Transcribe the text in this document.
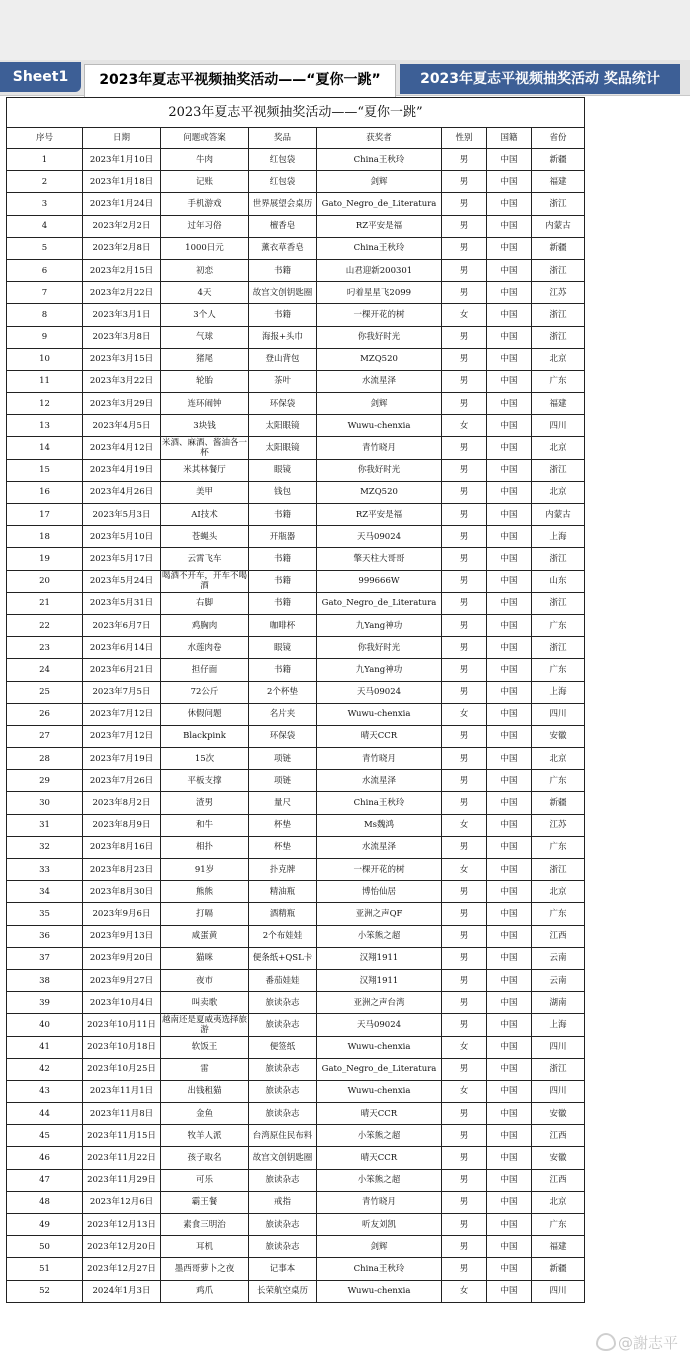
Sheet1	2023年夏志平视频抽奖活动——“夏你一跳”	2023年夏志平视频抽奖活动 奖品统计
2023年夏志平视频抽奖活动——“夏你一跳”							
序号	日期	问题或答案	奖品	获奖者	性别	国籍	省份
1	2023年1月10日	牛肉	红包袋	China王秋玲	男	中国	新疆
2	2023年1月18日	记账	红包袋	剑辉	男	中国	福建
3	2023年1月24日	手机游戏	世界展望会桌历	Gato_Negro_de_Literatura	男	中国	浙江
4	2023年2月2日	过年习俗	檀香皂	RZ平安是福	男	中国	内蒙古
5	2023年2月8日	1000日元	薰衣草香皂	China王秋玲	男	中国	新疆
6	2023年2月15日	初恋	书籍	山君迎新200301	男	中国	浙江
7	2023年2月22日	4天	故宫文创钥匙圈	叼着星星飞2099	男	中国	江苏
8	2023年3月1日	3个人	书籍	一棵开花的树	女	中国	浙江
9	2023年3月8日	气球	海报+头巾	你我好时光	男	中国	浙江
10	2023年3月15日	猪尾	登山背包	MZQ520	男	中国	北京
11	2023年3月22日	轮胎	茶叶	水流星泽	男	中国	广东
12	2023年3月29日	连环闹钟	环保袋	剑辉	男	中国	福建
13	2023年4月5日	3块钱	太阳眼镜	Wuwu-chenxia	女	中国	四川
14	2023年4月12日	米酒、麻酒、酱油各一杯	太阳眼镜	青竹晓月	男	中国	北京
15	2023年4月19日	米其林餐厅	眼镜	你我好时光	男	中国	浙江
16	2023年4月26日	美甲	钱包	MZQ520	男	中国	北京
17	2023年5月3日	AI技术	书籍	RZ平安是福	男	中国	内蒙古
18	2023年5月10日	苍蝇头	开瓶器	天马09024	男	中国	上海
19	2023年5月17日	云霄飞车	书籍	擎天柱大哥哥	男	中国	浙江
20	2023年5月24日	喝酒不开车，开车不喝酒	书籍	999666W	男	中国	山东
21	2023年5月31日	右脚	书籍	Gato_Negro_de_Literatura	男	中国	浙江
22	2023年6月7日	鸡胸肉	咖啡杯	九Yang神功	男	中国	广东
23	2023年6月14日	水莲肉卷	眼镜	你我好时光	男	中国	浙江
24	2023年6月21日	担仔面	书籍	九Yang神功	男	中国	广东
25	2023年7月5日	72公斤	2个杯垫	天马09024	男	中国	上海
26	2023年7月12日	休假问题	名片夹	Wuwu-chenxia	女	中国	四川
27	2023年7月12日	Blackpink	环保袋	晴天CCR	男	中国	安徽
28	2023年7月19日	15次	项链	青竹晓月	男	中国	北京
29	2023年7月26日	平板支撑	项链	水流星泽	男	中国	广东
30	2023年8月2日	渣男	量尺	China王秋玲	男	中国	新疆
31	2023年8月9日	和牛	杯垫	Ms魏鸿	女	中国	江苏
32	2023年8月16日	相扑	杯垫	水流星泽	男	中国	广东
33	2023年8月23日	91岁	扑克牌	一棵开花的树	女	中国	浙江
34	2023年8月30日	熊熊	精油瓶	博怡仙居	男	中国	北京
35	2023年9月6日	打嗝	酒精瓶	亚洲之声QF	男	中国	广东
36	2023年9月13日	咸蛋黄	2个布娃娃	小笨熊之超	男	中国	江西
37	2023年9月20日	猫咪	便条纸+QSL卡	汉翔1911	男	中国	云南
38	2023年9月27日	夜市	番茄娃娃	汉翔1911	男	中国	云南
39	2023年10月4日	叫卖歌	旅读杂志	亚洲之声台湾	男	中国	湖南
40	2023年10月11日	越南还是夏威夷选择旅游	旅读杂志	天马09024	男	中国	上海
41	2023年10月18日	软饭王	便签纸	Wuwu-chenxia	女	中国	四川
42	2023年10月25日	雷	旅读杂志	Gato_Negro_de_Literatura	男	中国	浙江
43	2023年11月1日	出钱租猫	旅读杂志	Wuwu-chenxia	女	中国	四川
44	2023年11月8日	金鱼	旅读杂志	晴天CCR	男	中国	安徽
45	2023年11月15日	牧羊人派	台湾原住民布料	小笨熊之超	男	中国	江西
46	2023年11月22日	孩子取名	故宫文创钥匙圈	晴天CCR	男	中国	安徽
47	2023年11月29日	可乐	旅读杂志	小笨熊之超	男	中国	江西
48	2023年12月6日	霸王餐	戒指	青竹晓月	男	中国	北京
49	2023年12月13日	素食三明治	旅读杂志	听友刘凯	男	中国	广东
50	2023年12月20日	耳机	旅读杂志	剑辉	男	中国	福建
51	2023年12月27日	墨西哥萝卜之夜	记事本	China王秋玲	男	中国	新疆
52	2024年1月3日	鸡爪	长荣航空桌历	Wuwu-chenxia	女	中国	四川
@謝志平
